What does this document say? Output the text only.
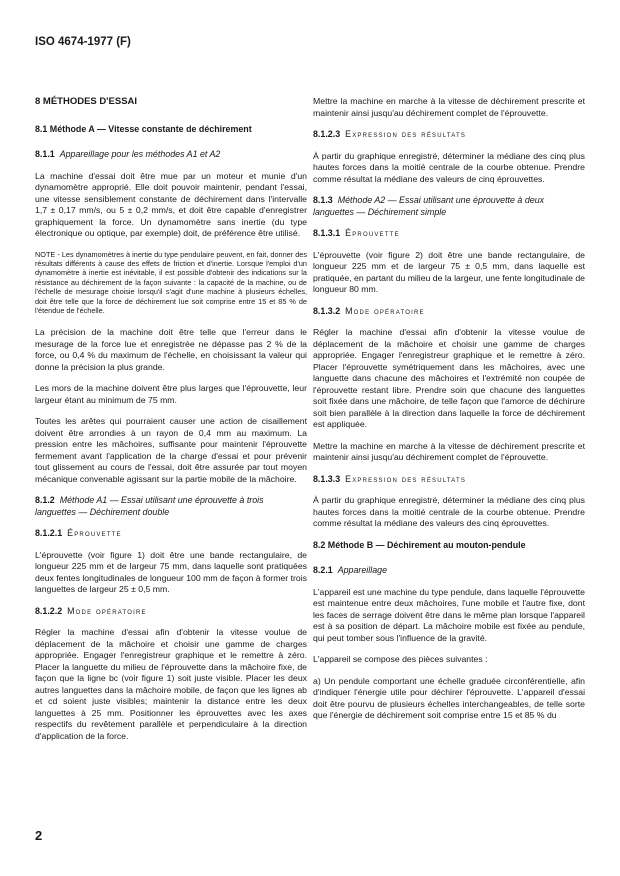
ISO 4674-1977 (F)
8 MÉTHODES D'ESSAI
8.1 Méthode A — Vitesse constante de déchirement
8.1.1 Appareillage pour les méthodes A1 et A2

La machine d'essai doit être mue par un moteur et munie d'un dynamomètre approprié. Elle doit pouvoir maintenir, pendant l'essai, une vitesse sensiblement constante de déchirement dans l'intervalle 1,7 ± 0,17 mm/s, ou 5 ± 0,2 mm/s, et doit être capable d'enregistrer graphiquement la force. Un dynamomètre sans inertie (du type électronique ou optique, par exemple) doit, de préférence être utilisé.

NOTE - Les dynamomètres à inertie du type pendulaire peuvent, en fait, donner des résultats différents à cause des effets de friction et d'inertie. Lorsque l'emploi d'un dynamomètre à inertie est inévitable, il est possible d'obtenir des indications sur la résistance au déchirement de la façon suivante : la capacité de la machine, ou de l'échelle de mesurage choisie lorsqu'il s'agit d'une machine à plusieurs échelles, doit être telle que la force de déchirement lue soit comprise entre 15 et 85 % de l'étendue de l'échelle.

La précision de la machine doit être telle que l'erreur dans le mesurage de la force lue et enregistrée ne dépasse pas 2 % de la force, ou 0,4 % du maximum de l'échelle, en choisissant la valeur qui donne la précision la plus grande.

Les mors de la machine doivent être plus larges que l'éprouvette, leur largeur étant au minimum de 75 mm.

Toutes les arêtes qui pourraient causer une action de cisaillement doivent être arrondies à un rayon de 0,4 mm au maximum. La pression entre les mâchoires, suffisante pour maintenir l'éprouvette fermement avant l'application de la charge d'essai et pour prévenir tout glissement au cours de l'essai, doit être assurée par tout moyen mécanique convenable agissant sur la partie mobile de la mâchoire.

8.1.2 Méthode A1 — Essai utilisant une éprouvette à trois languettes — Déchirement double
8.1.2.1 Éprouvette

L'éprouvette (voir figure 1) doit être une bande rectangulaire, de longueur 225 mm et de largeur 75 mm, dans laquelle sont pratiquées deux fentes longitudinales de longueur 100 mm de façon à former trois languettes de largeur 25 ± 0,5 mm.

8.1.2.2 Mode opératoire

Régler la machine d'essai afin d'obtenir la vitesse voulue de déplacement de la mâchoire et choisir une gamme de charges appropriée. Engager l'enregistreur graphique et le remettre à zéro. Placer la languette du milieu de l'éprouvette dans la mâchoire fixe, de façon que la ligne bc (voir figure 1) soit juste visible. Placer les deux autres languettes dans la mâchoire mobile, de façon que les lignes ab et cd soient juste visibles; maintenir la distance entre les deux languettes à 25 mm. Positionner les éprouvettes avec les axes respectifs du revêtement parallèle et perpendiculaire à la direction d'application de la force.

Mettre la machine en marche à la vitesse de déchirement prescrite et maintenir ainsi jusqu'au déchirement complet de l'éprouvette.

8.1.2.3 Expression des résultats

À partir du graphique enregistré, déterminer la médiane des cinq plus hautes forces dans la moitié centrale de la courbe obtenue. Prendre comme résultat la médiane des valeurs de cinq éprouvettes.

8.1.3 Méthode A2 — Essai utilisant une éprouvette à deux languettes — Déchirement simple
8.1.3.1 Éprouvette

L'éprouvette (voir figure 2) doit être une bande rectangulaire, de longueur 225 mm et de largeur 75 ± 0,5 mm, dans laquelle est pratiquée, en partant du milieu de la largeur, une fente longitudinale de longueur 80 mm.

8.1.3.2 Mode opératoire

Régler la machine d'essai afin d'obtenir la vitesse voulue de déplacement de la mâchoire et choisir une gamme de charges appropriée. Engager l'enregistreur graphique et le remettre à zéro. Placer l'éprouvette symétriquement dans les mâchoires, avec une languette dans chacune des mâchoires et l'extrémité non coupée de l'éprouvette restant libre. Prendre soin que chacune des languettes soit fixée dans une mâchoire, de telle façon que l'amorce de déchirure soit bien parallèle à la direction dans laquelle la force de déchirement est appliquée.

Mettre la machine en marche à la vitesse de déchirement prescrite et maintenir ainsi jusqu'au déchirement complet de l'éprouvette.

8.1.3.3 Expression des résultats

À partir du graphique enregistré, déterminer la médiane des cinq plus hautes forces dans la moitié centrale de la courbe obtenue. Prendre comme résultat la médiane des valeurs des cinq éprouvettes.

8.2 Méthode B — Déchirement au mouton-pendule
8.2.1 Appareillage

L'appareil est une machine du type pendule, dans laquelle l'éprouvette est maintenue entre deux mâchoires, l'une mobile et l'autre fixe, dont les faces de serrage doivent être dans le même plan lorsque l'appareil est à sa position de départ. La mâchoire mobile est fixée au pendule, qui peut tomber sous l'influence de la gravité.

L'appareil se compose des pièces suivantes :

a) Un pendule comportant une échelle graduée circonférentielle, afin d'indiquer l'énergie utile pour déchirer l'éprouvette. L'appareil d'essai doit être pourvu de plusieurs échelles interchangeables, de telle sorte que l'énergie de déchirement soit comprise entre 15 et 85 % du

2
